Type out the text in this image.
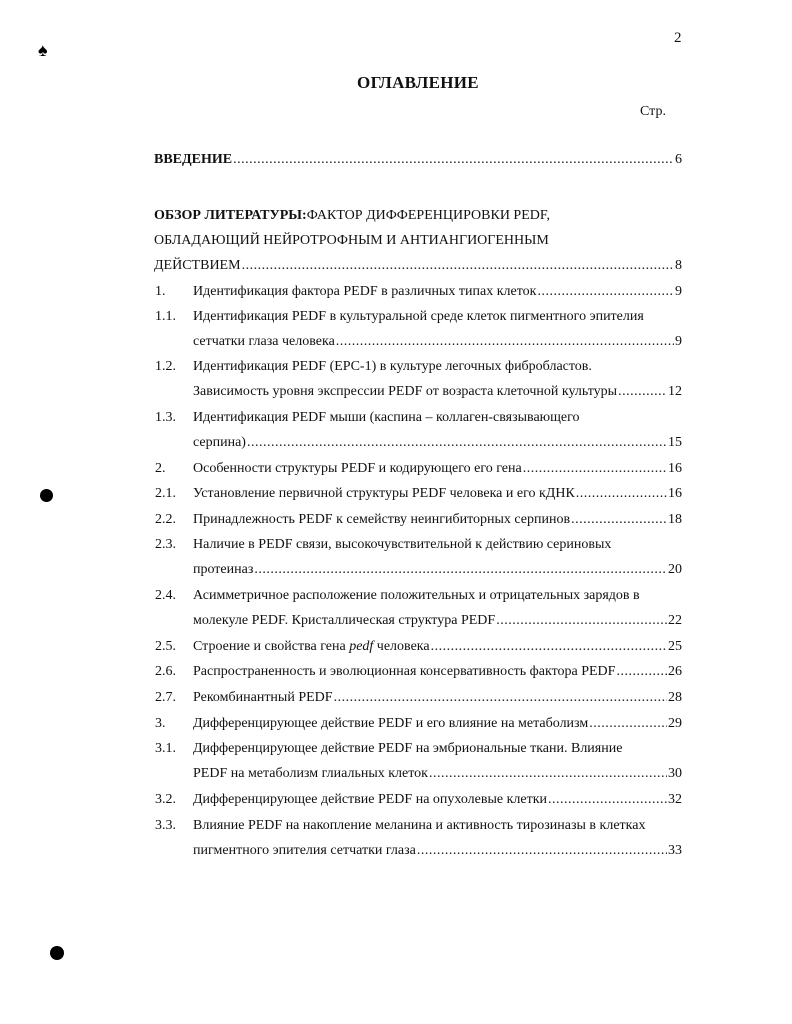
2
♠
ОГЛАВЛЕНИЕ
Стр.
ВВЕДЕНИЕ .....	6
ОБЗОР ЛИТЕРАТУРЫ:ФАКТОР ДИФФЕРЕНЦИРОВКИ PEDF,
ОБЛАДАЮЩИЙ НЕЙРОТРОФНЫМ И АНТИАНГИОГЕННЫМ
ДЕЙСТВИЕМ .....	8
1. Идентификация фактора PEDF в различных типах клеток .....	9
1.1. Идентификация PEDF в культуральной среде клеток пигментного эпителия
сетчатки глаза человека .....	9
1.2. Идентификация PEDF (EPC-1) в культуре легочных фибробластов.
Зависимость уровня экспрессии PEDF от возраста клеточной культуры .....	12
1.3. Идентификация PEDF мыши (каспина – коллаген-связывающего
серпина) .....	15
2. Особенности структуры PEDF и кодирующего его гена .....	16
2.1. Установление первичной структуры PEDF человека и его кДНК .....	16
2.2. Принадлежность PEDF к семейству неингибиторных серпинов .....	18
2.3. Наличие в PEDF связи, высокочувствительной к действию сериновых
протеиназ .....	20
2.4. Асимметричное расположение положительных и отрицательных зарядов в
молекуле PEDF. Кристаллическая структура PEDF .....	22
2.5. Строение и свойства гена pedf человека .....	25
2.6. Распространенность и эволюционная консервативность фактора PEDF .....	26
2.7. Рекомбинантный PEDF .....	28
3. Дифференцирующее действие PEDF и его влияние на метаболизм .....	29
3.1. Дифференцирующее действие PEDF на эмбриональные ткани. Влияние
PEDF на метаболизм глиальных клеток .....	30
3.2. Дифференцирующее действие PEDF на опухолевые клетки .....	32
3.3. Влияние PEDF на накопление меланина и активность тирозиназы в клетках
пигментного эпителия сетчатки глаза .....	33
